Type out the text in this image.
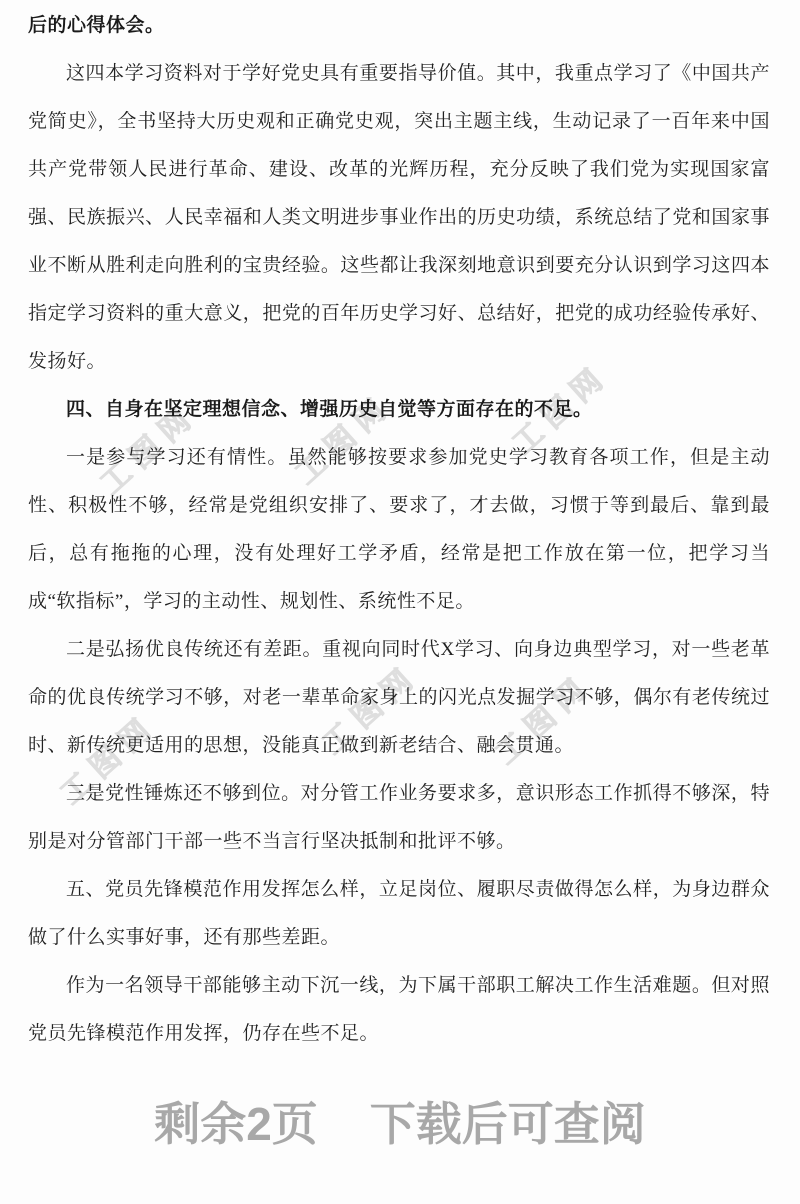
工图网	工图网	工图网
工图网	工图网 工图网

后的心得体会。

这四本学习资料对于学好党史具有重要指导价值。其中，我重点学习了《中国共产党简史》，全书坚持大历史观和正确党史观，突出主题主线，生动记录了一百年来中国共产党带领人民进行革命、建设、改革的光辉历程，充分反映了我们党为实现国家富强、民族振兴、人民幸福和人类文明进步事业作出的历史功绩，系统总结了党和国家事业不断从胜利走向胜利的宝贵经验。这些都让我深刻地意识到要充分认识到学习这四本指定学习资料的重大意义，把党的百年历史学习好、总结好，把党的成功经验传承好、发扬好。

四、自身在坚定理想信念、增强历史自觉等方面存在的不足。

一是参与学习还有情性。虽然能够按要求参加党史学习教育各项工作，但是主动性、积极性不够，经常是党组织安排了、要求了，才去做，习惯于等到最后、靠到最后，总有拖拖的心理，没有处理好工学矛盾，经常是把工作放在第一位，把学习当成“软指标”，学习的主动性、规划性、系统性不足。

二是弘扬优良传统还有差距。重视向同时代X学习、向身边典型学习，对一些老革命的优良传统学习不够，对老一辈革命家身上的闪光点发掘学习不够，偶尔有老传统过时、新传统更适用的思想，没能真正做到新老结合、融会贯通。

三是党性锤炼还不够到位。对分管工作业务要求多，意识形态工作抓得不够深，特别是对分管部门干部一些不当言行坚决抵制和批评不够。

五、党员先锋模范作用发挥怎么样，立足岗位、履职尽责做得怎么样，为身边群众做了什么实事好事，还有那些差距。

作为一名领导干部能够主动下沉一线，为下属干部职工解决工作生活难题。但对照党员先锋模范作用发挥，仍存在些不足。

剩余2页 下载后可查阅
